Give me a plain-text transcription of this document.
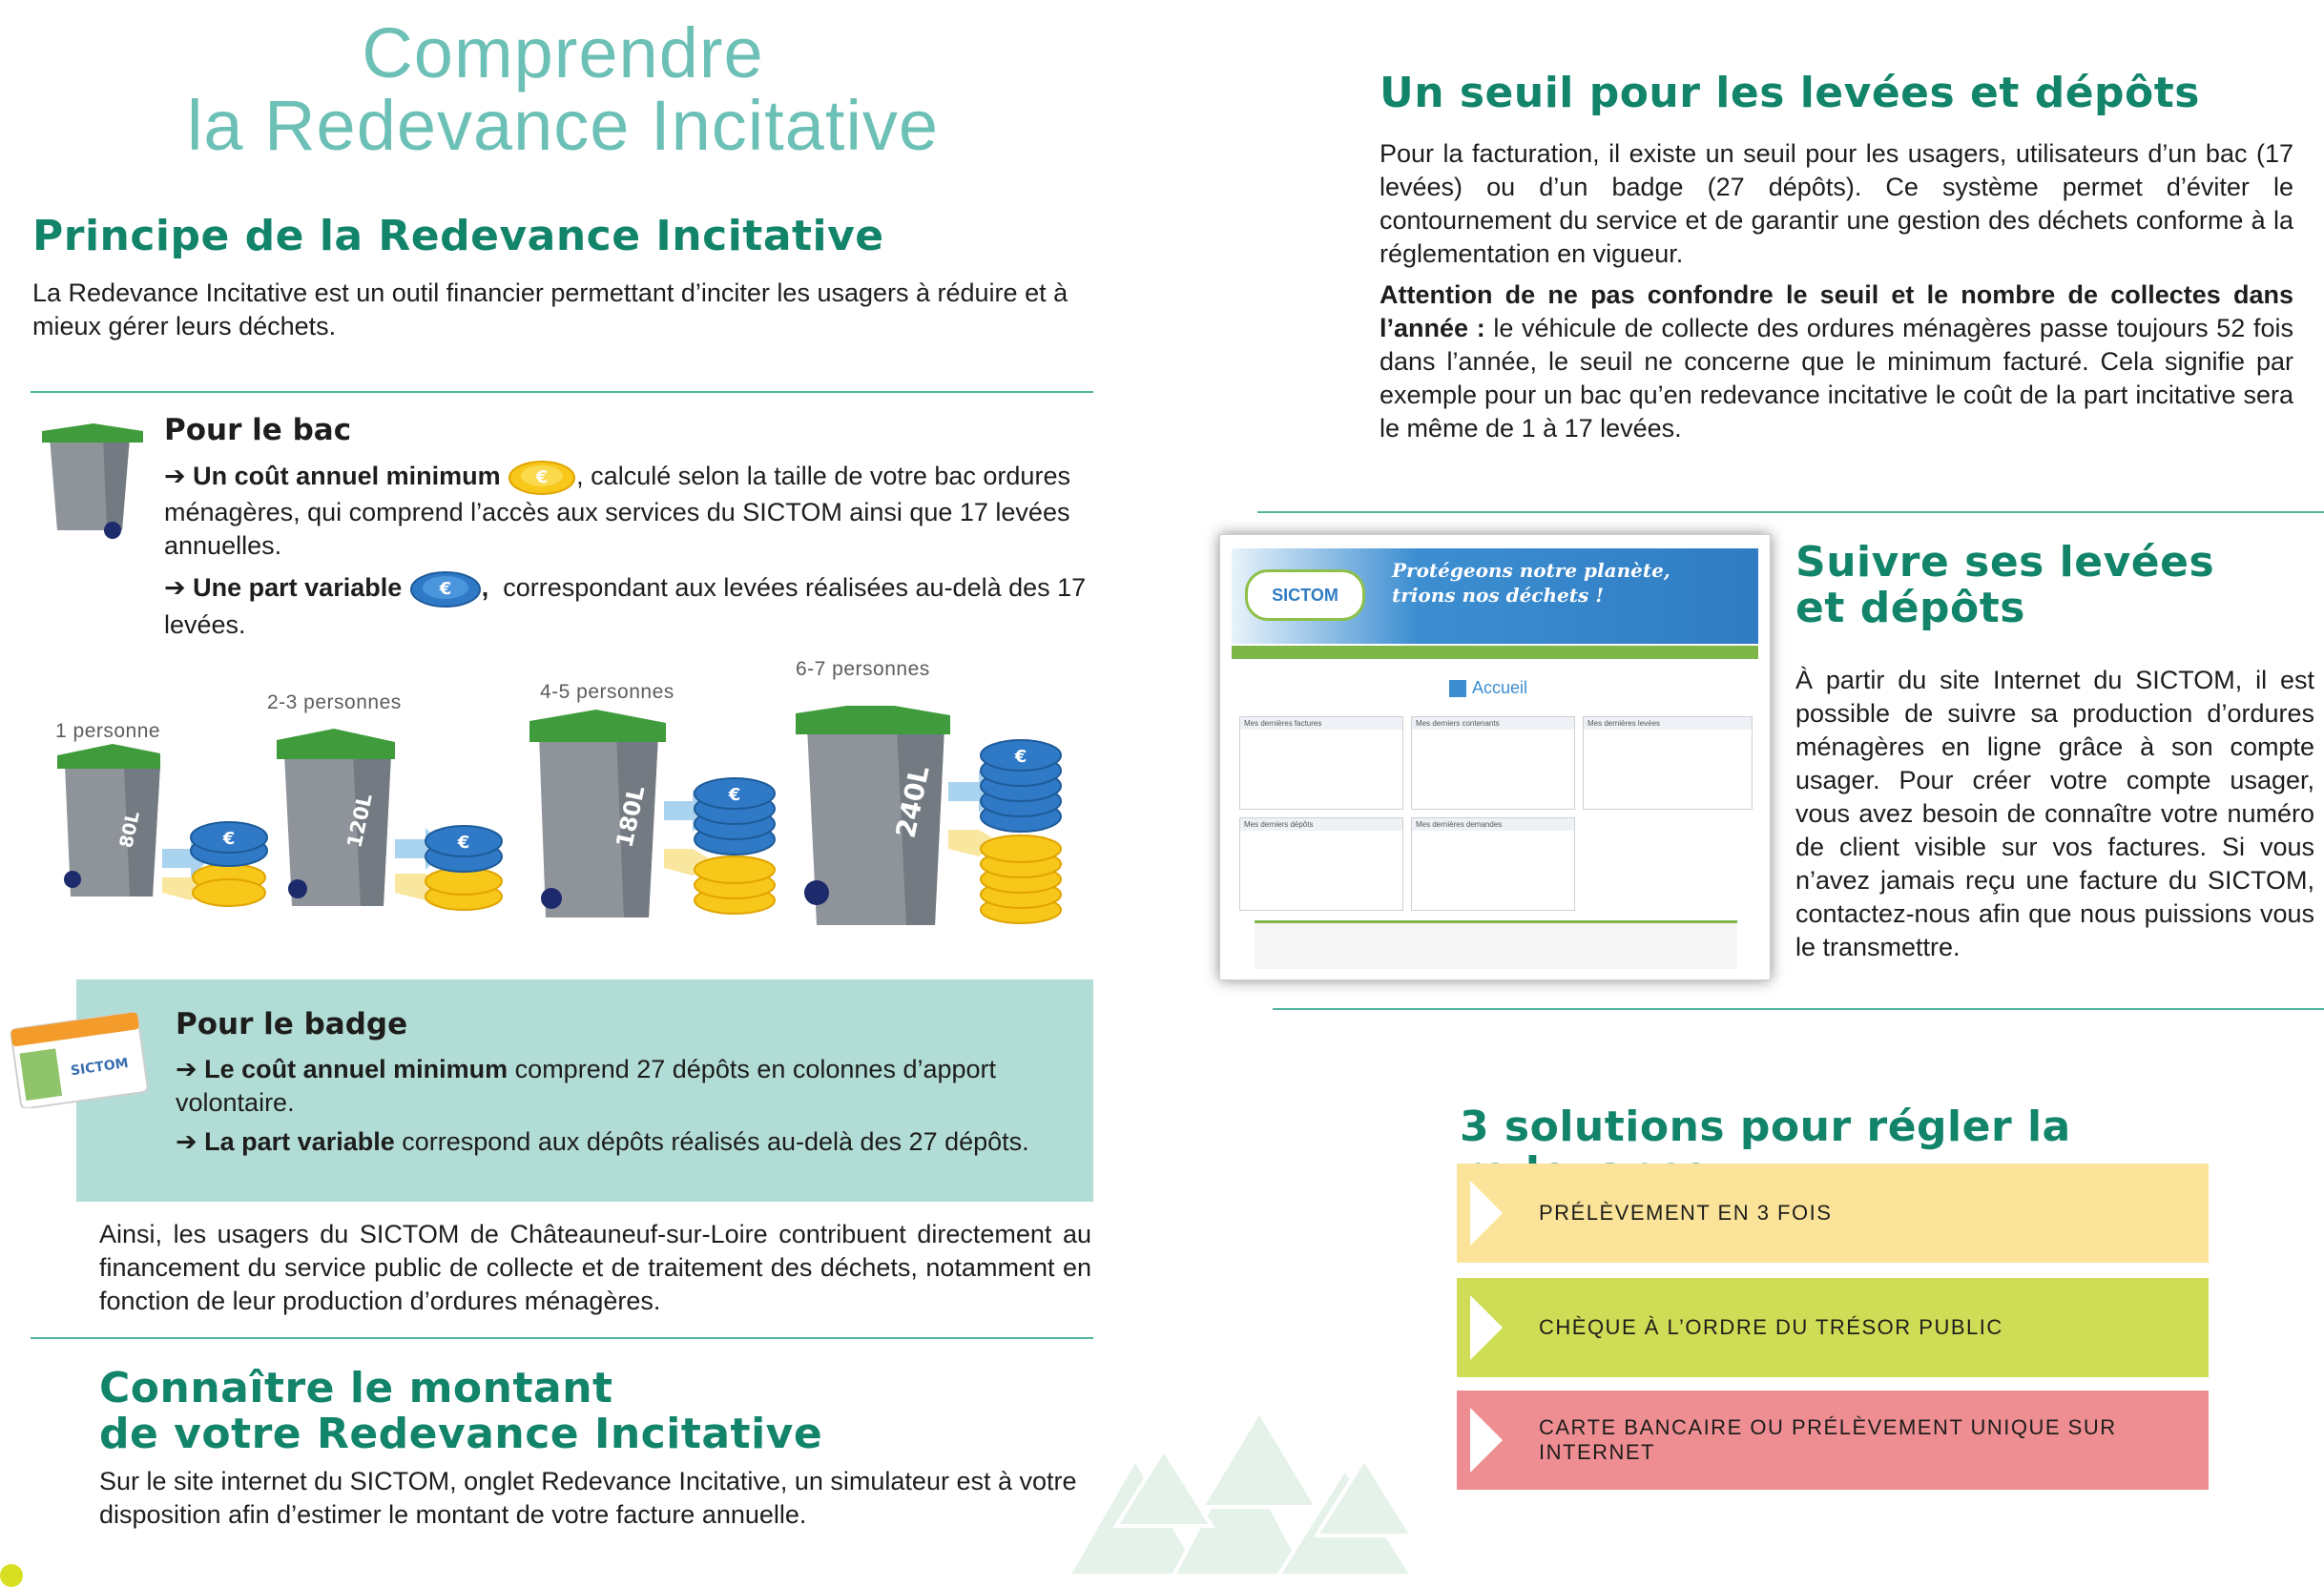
Comprendre
la Redevance Incitative
Principe de la Redevance Incitative
La Redevance Incitative est un outil financier permettant d’inciter les usagers à réduire et à mieux gérer leurs déchets.
Pour le bac
➔ Un coût annuel minimum € , calculé selon la taille de votre bac ordures ménagères, qui comprend l’accès aux services du SICTOM ainsi que 17 levées annuelles.
➔ Une part variable € , correspondant aux levées réalisées au-delà des 17 levées.
1 personne
2-3 personnes	4-5 personnes
6-7 personnes
80L	€	120L	€	180L	€	240L
€
SICTOM
Pour le badge
➔ Le coût annuel minimum comprend 27 dépôts en colonnes d’apport volontaire.
➔ La part variable correspond aux dépôts réalisés au-delà des 27 dépôts.
Ainsi, les usagers du SICTOM de Châteauneuf-sur-Loire contribuent directement au financement du service public de collecte et de traitement des déchets, notamment en fonction de leur production d’ordures ménagères.
Connaître le montant
de votre Redevance Incitative
Sur le site internet du SICTOM, onglet Redevance Incitative, un simulateur est à votre disposition afin d’estimer le montant de votre facture annuelle.
Un seuil pour les levées et dépôts
Pour la facturation, il existe un seuil pour les usagers, utilisateurs d’un bac (17 levées) ou d’un badge (27 dépôts). Ce système permet d’éviter le contournement du service et de garantir une gestion des déchets conforme à la réglementation en vigueur.
Attention de ne pas confondre le seuil et le nombre de collectes dans l’année : le véhicule de collecte des ordures ménagères passe toujours 52 fois dans l’année, le seuil ne concerne que le minimum facturé. Cela signifie par exemple pour un bac qu’en redevance incitative le coût de la part incitative sera le même de 1 à 17 levées.
SICTOM
Protégeons notre planète,
trions nos déchets !
Accueil
Mes dernières factures	Mes derniers contenants	Mes dernières levées
Mes derniers dépôts	Mes dernières demandes
Suivre ses levées
et dépôts
À partir du site Internet du SICTOM, il est possible de suivre sa production d’ordures ménagères en ligne grâce à son compte usager. Pour créer votre compte usager, vous avez besoin de connaître votre numéro de client visible sur vos factures. Si vous n’avez jamais reçu une facture du SICTOM, contactez-nous afin que nous puissions vous le transmettre.
3 solutions pour régler la
PRÉLÈVEMENT EN 3 FOIS
CHÈQUE À L’ORDRE DU TRÉSOR PUBLIC
CARTE BANCAIRE OU PRÉLÈVEMENT UNIQUE SUR INTERNET
